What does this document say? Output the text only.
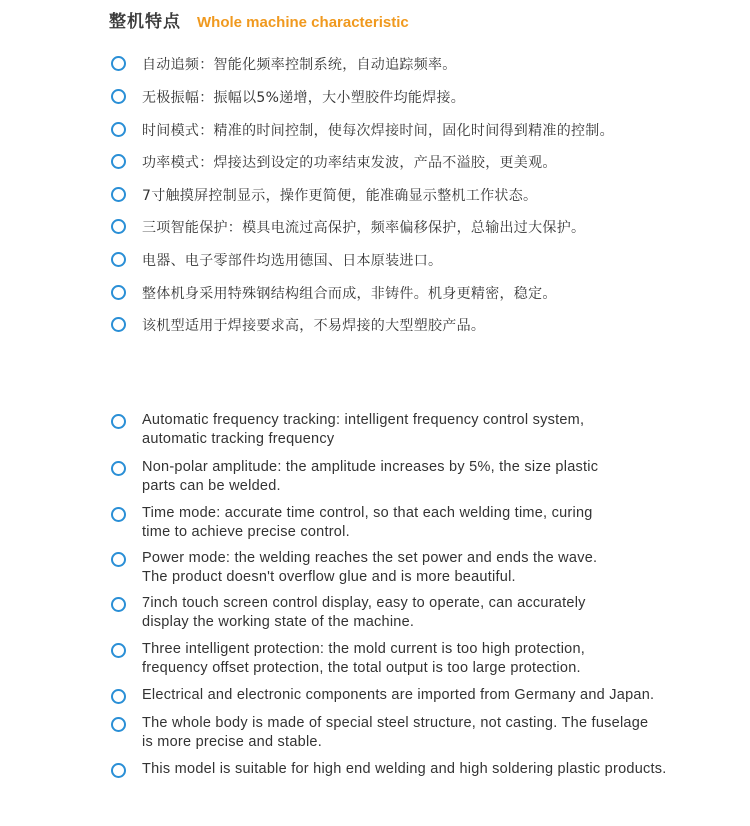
整机特点 Whole machine characteristic
自动追频：智能化频率控制系统，自动追踪频率。
无极振幅：振幅以5%递增，大小塑胶件均能焊接。
时间模式：精准的时间控制，使每次焊接时间，固化时间得到精准的控制。
功率模式：焊接达到设定的功率结束发波，产品不溢胶，更美观。
7寸触摸屏控制显示，操作更简便，能准确显示整机工作状态。
三项智能保护：模具电流过高保护，频率偏移保护，总输出过大保护。
电器、电子零部件均选用德国、日本原装进口。
整体机身采用特殊钢结构组合而成，非铸件。机身更精密，稳定。
该机型适用于焊接要求高，不易焊接的大型塑胶产品。
Automatic frequency tracking: intelligent frequency control system,
automatic tracking frequency
Non-polar amplitude: the amplitude increases by 5%, the size plastic
parts can be welded.
Time mode: accurate time control, so that each welding time, curing
time to achieve precise control.
Power mode: the welding reaches the set power and ends the wave.
The product doesn't overflow glue and is more beautiful.
7inch touch screen control display, easy to operate, can accurately
display the working state of the machine.
Three intelligent protection: the mold current is too high protection,
frequency offset protection, the total output is too large protection.
Electrical and electronic components are imported from Germany and Japan.
The whole body is made of special steel structure, not casting. The fuselage
is more precise and stable.
This model is suitable for high end welding and high soldering plastic products.
